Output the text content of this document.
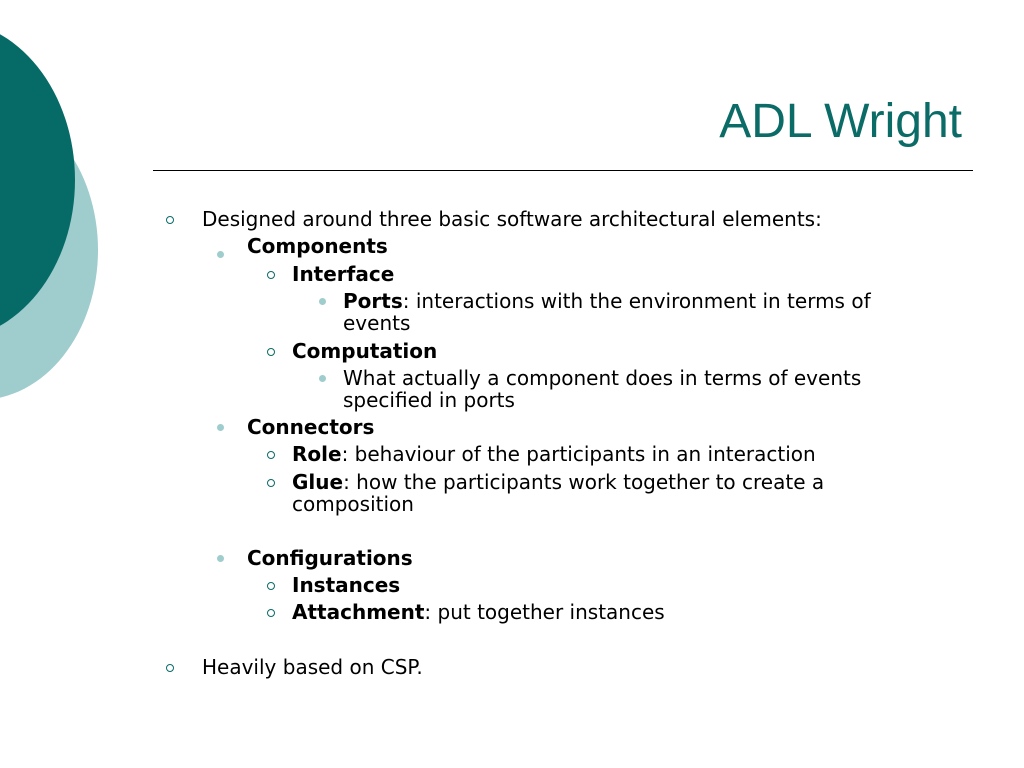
ADL Wright
Designed around three basic software architectural elements:
Components
Interface
Ports: interactions with the environment in terms of
events
Computation
What actually a component does in terms of events
specified in ports
Connectors
Role: behaviour of the participants in an interaction
Glue: how the participants work together to create a
composition
Configurations
Instances
Attachment: put together instances
Heavily based on CSP.
